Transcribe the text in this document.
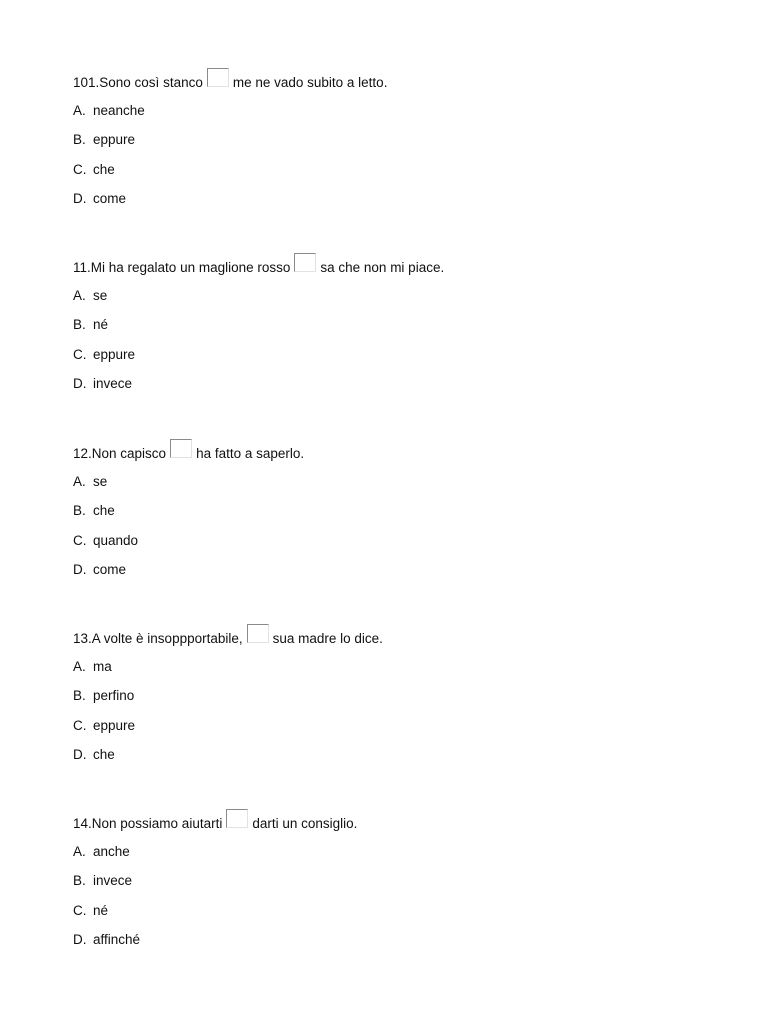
101.Sono così stanco me ne vado subito a letto.
A. neanche
B. eppure
C. che
D. come
11.Mi ha regalato un maglione rosso sa che non mi piace.
A. se
B. né
C. eppure
D. invece
12.Non capisco ha fatto a saperlo.
A. se
B. che
C. quando
D. come
13.A volte è insoppportabile, sua madre lo dice.
A. ma
B. perfino
C. eppure
D. che
14.Non possiamo aiutarti darti un consiglio.
A. anche
B. invece
C. né
D. affinché
